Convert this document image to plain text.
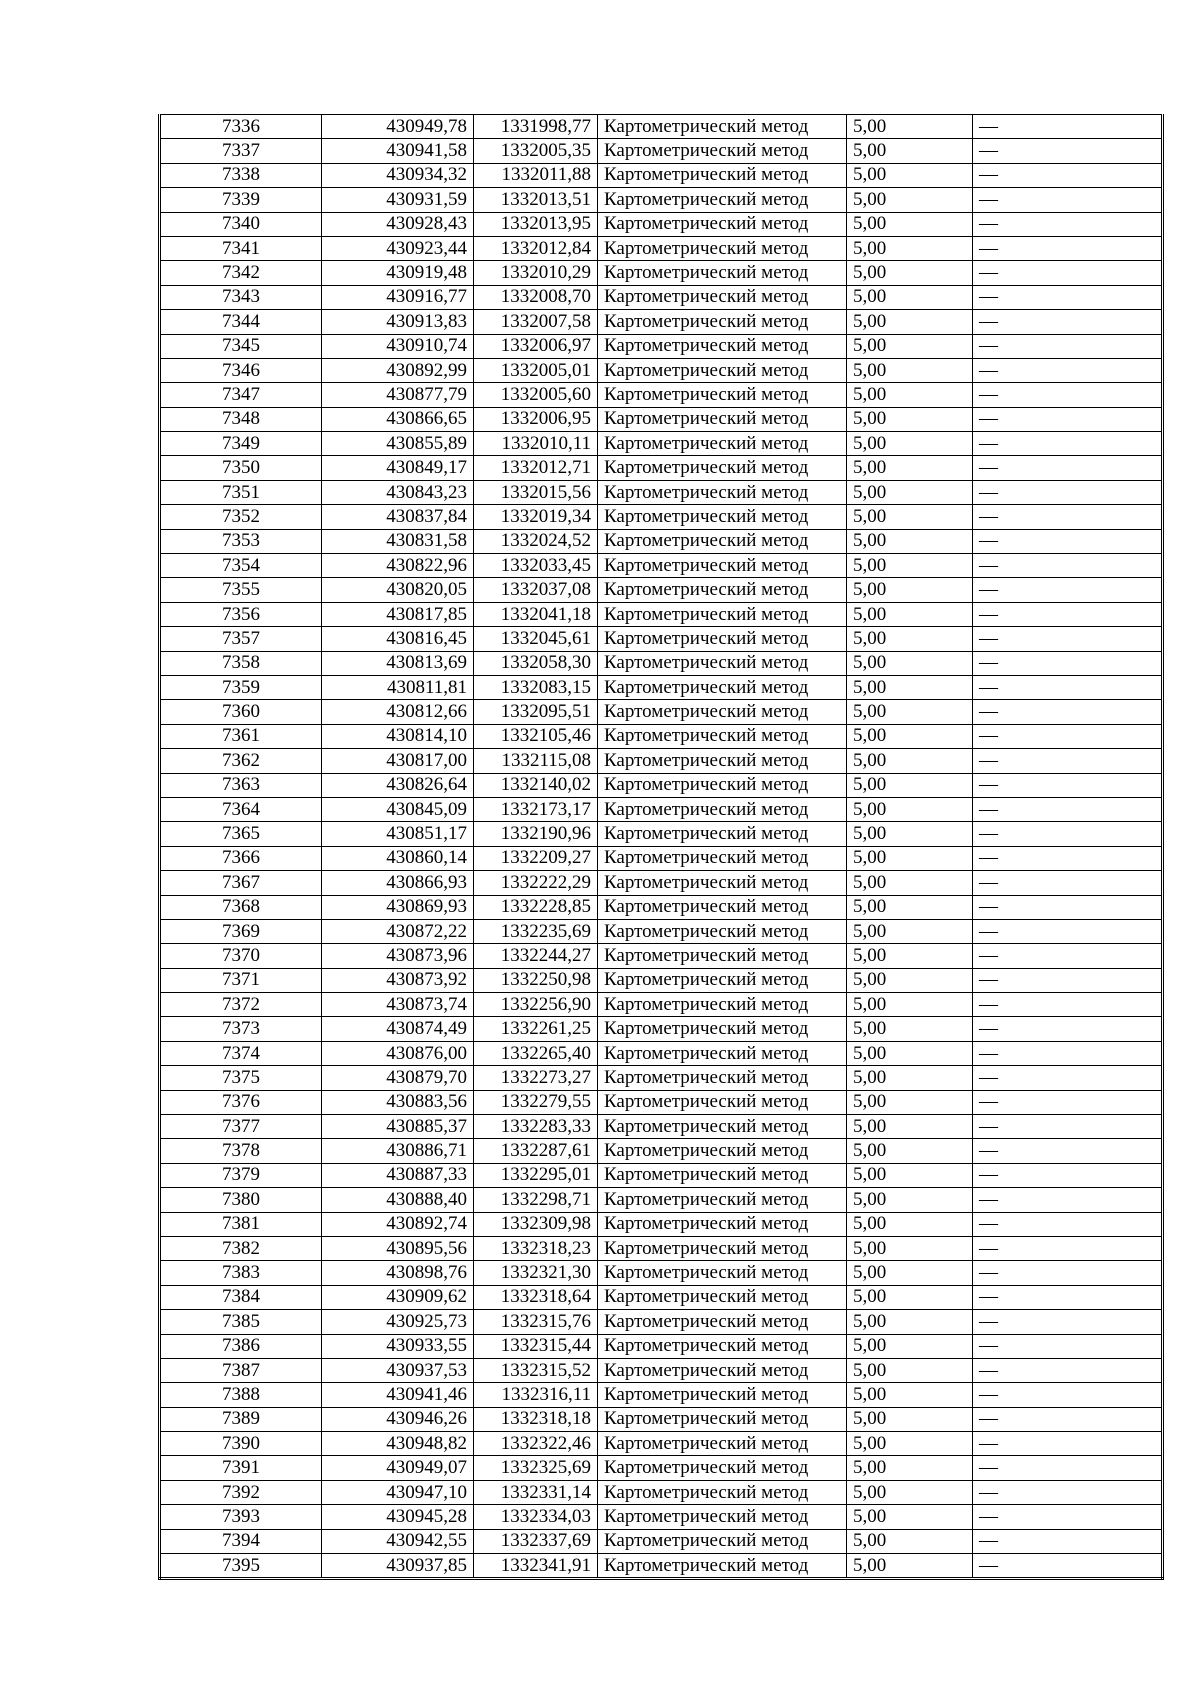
7336	430949,78	1331998,77	Картометрический метод	5,00	—
7337	430941,58	1332005,35	Картометрический метод	5,00	—
7338	430934,32	1332011,88	Картометрический метод	5,00	—
7339	430931,59	1332013,51	Картометрический метод	5,00	—
7340	430928,43	1332013,95	Картометрический метод	5,00	—
7341	430923,44	1332012,84	Картометрический метод	5,00	—
7342	430919,48	1332010,29	Картометрический метод	5,00	—
7343	430916,77	1332008,70	Картометрический метод	5,00	—
7344	430913,83	1332007,58	Картометрический метод	5,00	—
7345	430910,74	1332006,97	Картометрический метод	5,00	—
7346	430892,99	1332005,01	Картометрический метод	5,00	—
7347	430877,79	1332005,60	Картометрический метод	5,00	—
7348	430866,65	1332006,95	Картометрический метод	5,00	—
7349	430855,89	1332010,11	Картометрический метод	5,00	—
7350	430849,17	1332012,71	Картометрический метод	5,00	—
7351	430843,23	1332015,56	Картометрический метод	5,00	—
7352	430837,84	1332019,34	Картометрический метод	5,00	—
7353	430831,58	1332024,52	Картометрический метод	5,00	—
7354	430822,96	1332033,45	Картометрический метод	5,00	—
7355	430820,05	1332037,08	Картометрический метод	5,00	—
7356	430817,85	1332041,18	Картометрический метод	5,00	—
7357	430816,45	1332045,61	Картометрический метод	5,00	—
7358	430813,69	1332058,30	Картометрический метод	5,00	—
7359	430811,81	1332083,15	Картометрический метод	5,00	—
7360	430812,66	1332095,51	Картометрический метод	5,00	—
7361	430814,10	1332105,46	Картометрический метод	5,00	—
7362	430817,00	1332115,08	Картометрический метод	5,00	—
7363	430826,64	1332140,02	Картометрический метод	5,00	—
7364	430845,09	1332173,17	Картометрический метод	5,00	—
7365	430851,17	1332190,96	Картометрический метод	5,00	—
7366	430860,14	1332209,27	Картометрический метод	5,00	—
7367	430866,93	1332222,29	Картометрический метод	5,00	—
7368	430869,93	1332228,85	Картометрический метод	5,00	—
7369	430872,22	1332235,69	Картометрический метод	5,00	—
7370	430873,96	1332244,27	Картометрический метод	5,00	—
7371	430873,92	1332250,98	Картометрический метод	5,00	—
7372	430873,74	1332256,90	Картометрический метод	5,00	—
7373	430874,49	1332261,25	Картометрический метод	5,00	—
7374	430876,00	1332265,40	Картометрический метод	5,00	—
7375	430879,70	1332273,27	Картометрический метод	5,00	—
7376	430883,56	1332279,55	Картометрический метод	5,00	—
7377	430885,37	1332283,33	Картометрический метод	5,00	—
7378	430886,71	1332287,61	Картометрический метод	5,00	—
7379	430887,33	1332295,01	Картометрический метод	5,00	—
7380	430888,40	1332298,71	Картометрический метод	5,00	—
7381	430892,74	1332309,98	Картометрический метод	5,00	—
7382	430895,56	1332318,23	Картометрический метод	5,00	—
7383	430898,76	1332321,30	Картометрический метод	5,00	—
7384	430909,62	1332318,64	Картометрический метод	5,00	—
7385	430925,73	1332315,76	Картометрический метод	5,00	—
7386	430933,55	1332315,44	Картометрический метод	5,00	—
7387	430937,53	1332315,52	Картометрический метод	5,00	—
7388	430941,46	1332316,11	Картометрический метод	5,00	—
7389	430946,26	1332318,18	Картометрический метод	5,00	—
7390	430948,82	1332322,46	Картометрический метод	5,00	—
7391	430949,07	1332325,69	Картометрический метод	5,00	—
7392	430947,10	1332331,14	Картометрический метод	5,00	—
7393	430945,28	1332334,03	Картометрический метод	5,00	—
7394	430942,55	1332337,69	Картометрический метод	5,00	—
7395	430937,85	1332341,91	Картометрический метод	5,00	—
